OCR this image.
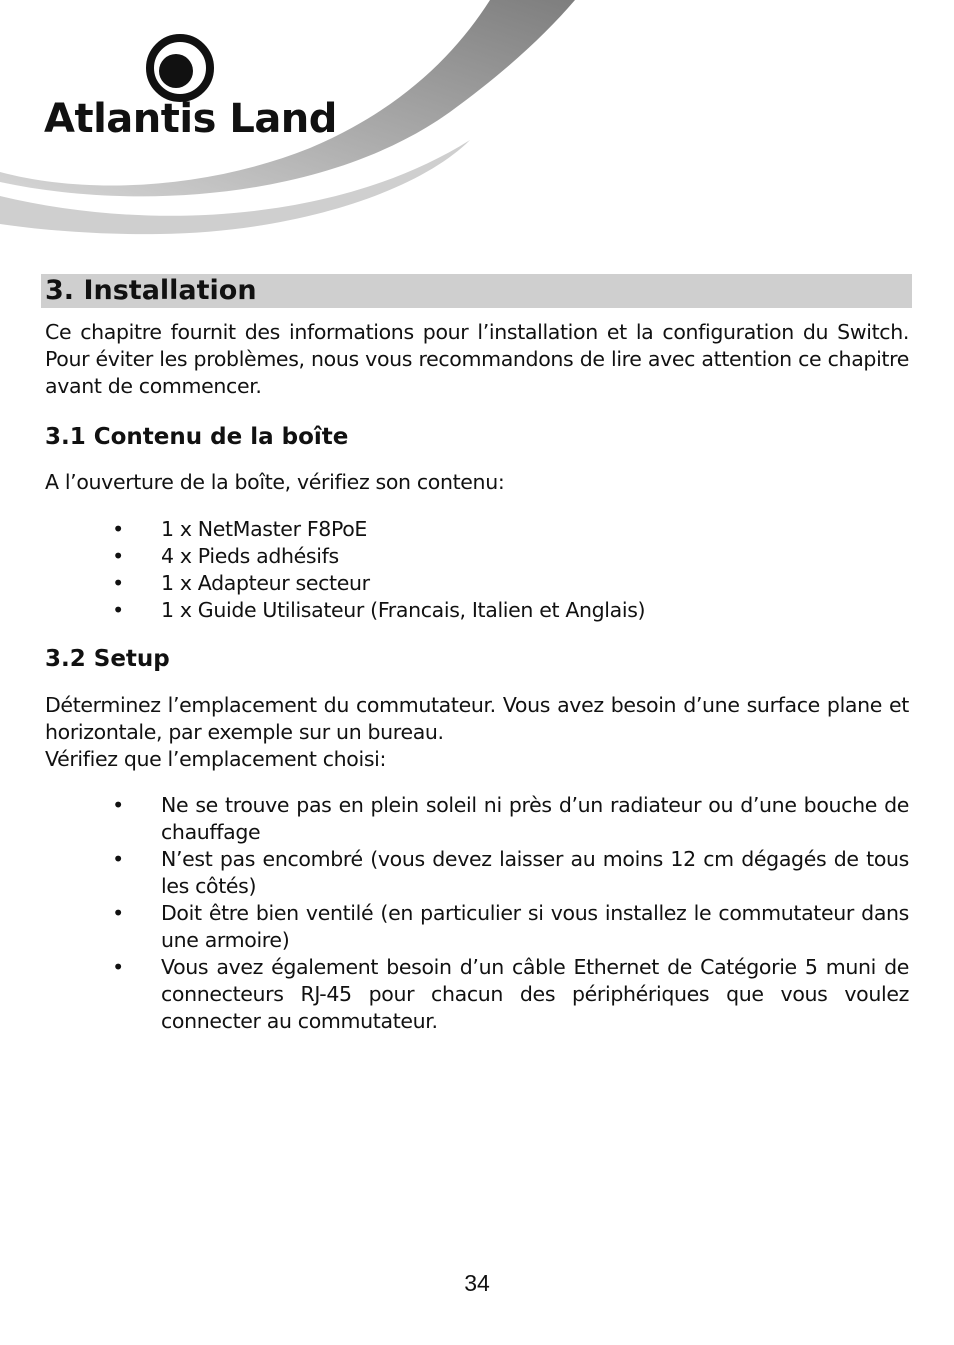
Atlantis Land
3. Installation

Ce chapitre fournit des informations pour l’installation et la configuration du Switch. Pour éviter les problèmes, nous vous recommandons de lire avec attention ce chapitre avant de commencer.

3.1 Contenu de la boîte

A l’ouverture de la boîte, vérifiez son contenu:

• 1 x NetMaster F8PoE
• 4 x Pieds adhésifs
• 1 x Adapteur secteur
• 1 x Guide Utilisateur (Francais, Italien et Anglais)
3.2 Setup

Déterminez l’emplacement du commutateur. Vous avez besoin d’une surface plane et horizontale, par exemple sur un bureau.

Vérifiez que l’emplacement choisi:

• Ne se trouve pas en plein soleil ni près d’un radiateur ou d’une bouche de chauffage
• N’est pas encombré (vous devez laisser au moins 12 cm dégagés de tous les côtés)
• Doit être bien ventilé (en particulier si vous installez le commutateur dans une armoire)
• Vous avez également besoin d’un câble Ethernet de Catégorie 5 muni de connecteurs RJ-45 pour chacun des périphériques que vous voulez connecter au commutateur.
34
